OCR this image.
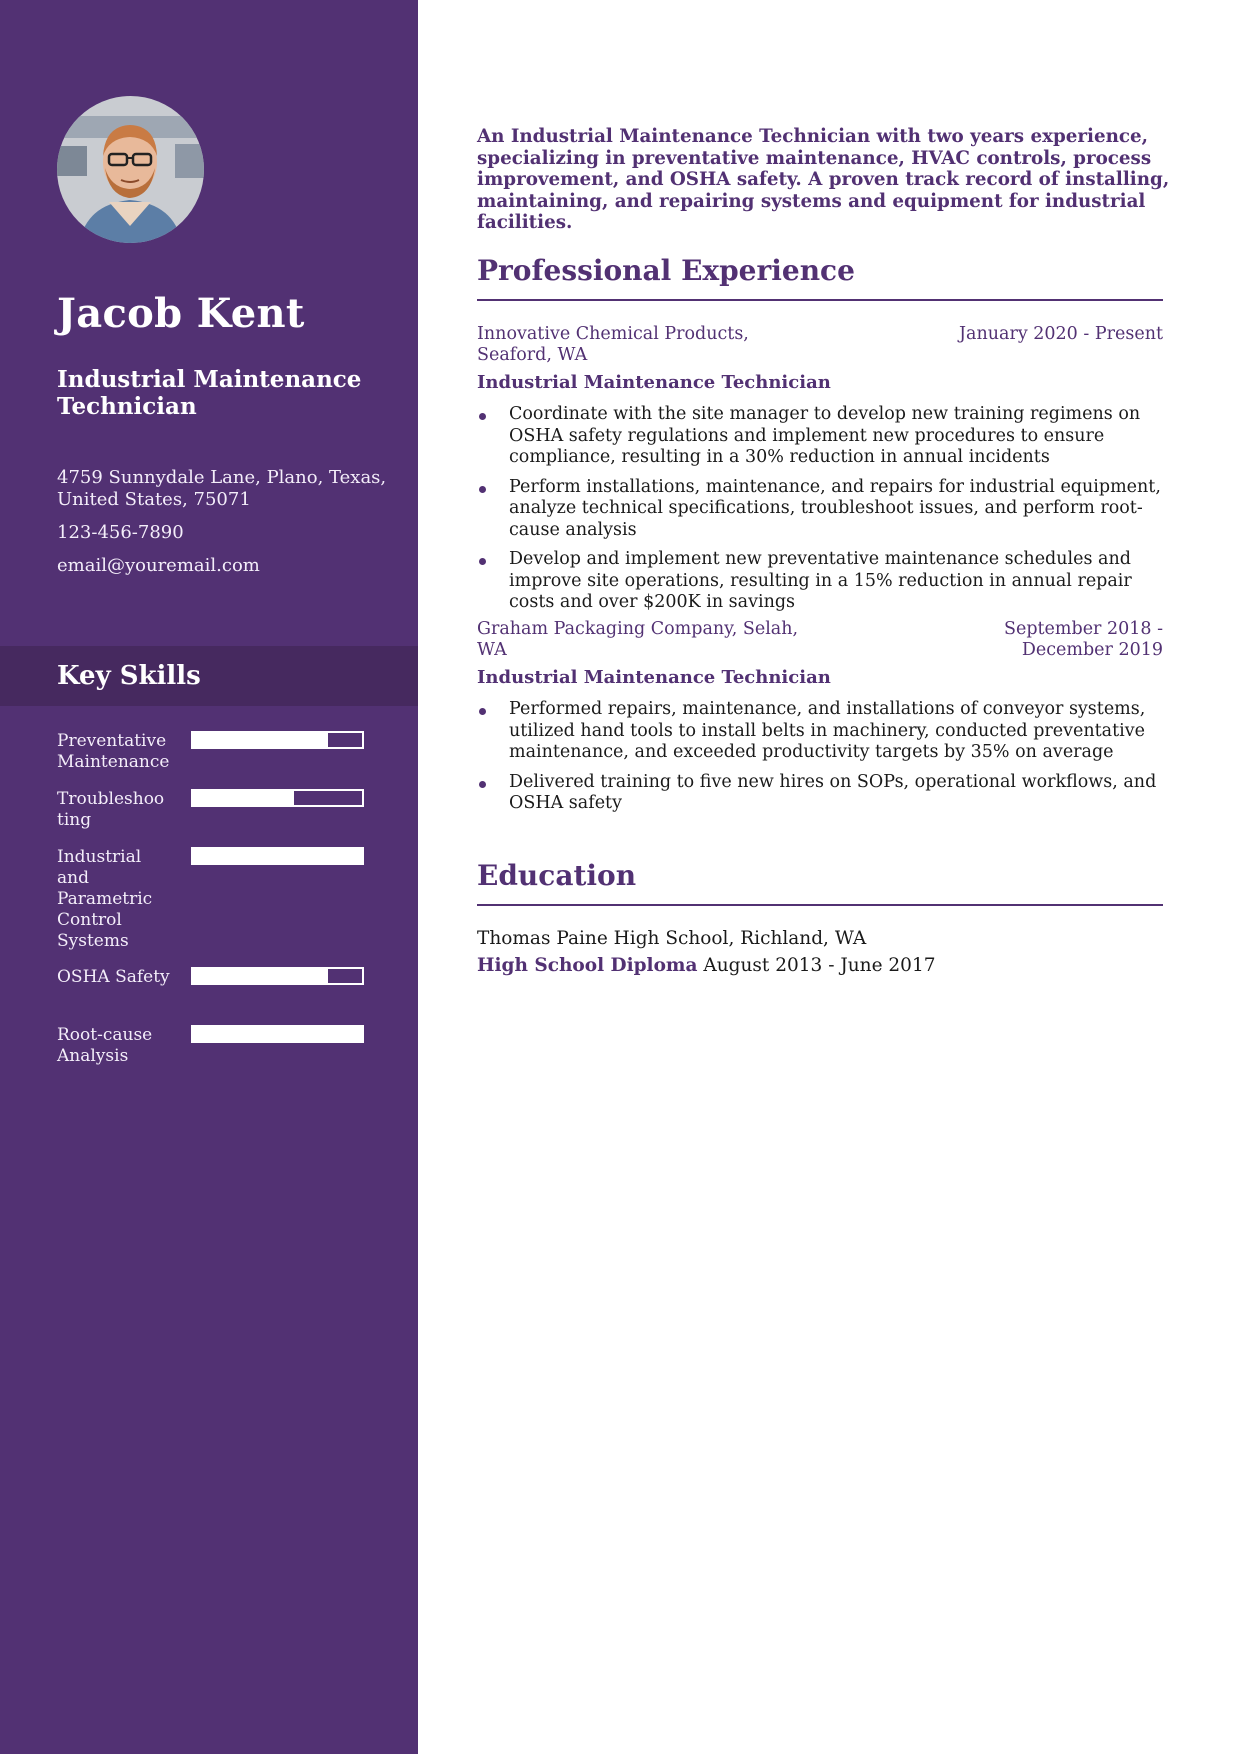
Jacob Kent
Industrial Maintenance Technician
4759 Sunnydale Lane, Plano, Texas, United States, 75071
123-456-7890
email@youremail.com
Key Skills
Preventative Maintenance
Troubleshoo ting
Industrial and Parametric Control Systems
OSHA Safety
Root-cause Analysis
An Industrial Maintenance Technician with two years experience, specializing in preventative maintenance, HVAC controls, process improvement, and OSHA safety. A proven track record of installing, maintaining, and repairing systems and equipment for industrial facilities.
Professional Experience
Innovative Chemical Products, Seaford, WA
January 2020 - Present
Industrial Maintenance Technician
Coordinate with the site manager to develop new training regimens on OSHA safety regulations and implement new procedures to ensure compliance, resulting in a 30% reduction in annual incidents
Perform installations, maintenance, and repairs for industrial equipment, analyze technical specifications, troubleshoot issues, and perform root-cause analysis
Develop and implement new preventative maintenance schedules and improve site operations, resulting in a 15% reduction in annual repair costs and over $200K in savings
Graham Packaging Company, Selah, WA
September 2018 - December 2019
Industrial Maintenance Technician
Performed repairs, maintenance, and installations of conveyor systems, utilized hand tools to install belts in machinery, conducted preventative maintenance, and exceeded productivity targets by 35% on average
Delivered training to five new hires on SOPs, operational workflows, and OSHA safety
Education
Thomas Paine High School, Richland, WA
High School Diploma August 2013 - June 2017
